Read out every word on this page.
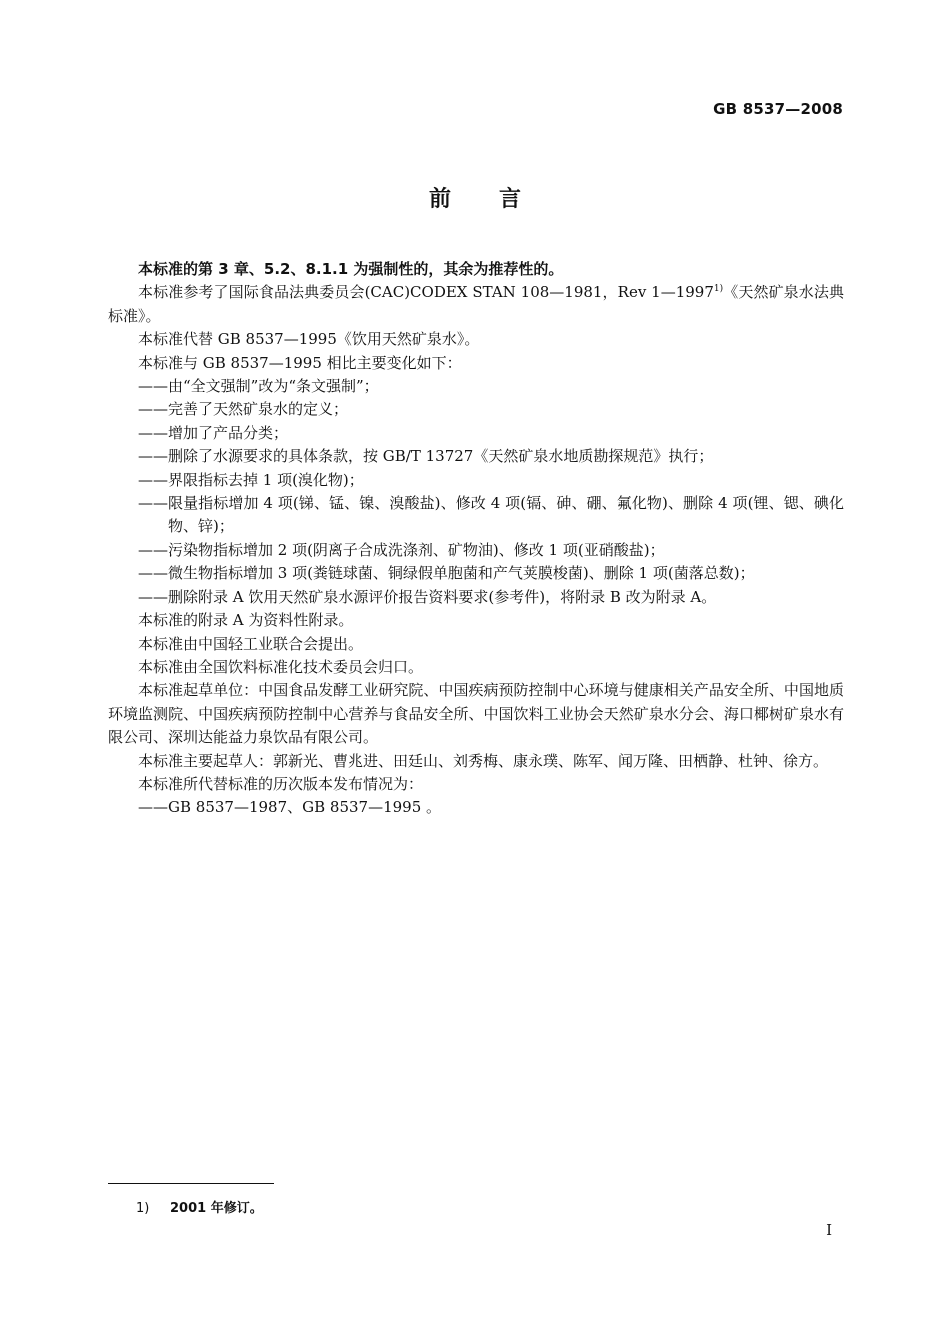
GB 8537—2008
前言

本标准的第 3 章、5.2、8.1.1 为强制性的，其余为推荐性的。

本标准参考了国际食品法典委员会(CAC)CODEX STAN 108—1981，Rev 1—1997$^{1)}$《天然矿泉水法典标准》。

本标准代替 GB 8537—1995《饮用天然矿泉水》。

本标准与 GB 8537—1995 相比主要变化如下：

—— 由“全文强制”改为“条文强制”；
—— 完善了天然矿泉水的定义；
—— 增加了产品分类；
—— 删除了水源要求的具体条款，按 GB/T 13727《天然矿泉水地质勘探规范》执行；
—— 界限指标去掉 1 项(溴化物)；
—— 限量指标增加 4 项(锑、锰、镍、溴酸盐)、修改 4 项(镉、砷、硼、氟化物)、删除 4 项(锂、锶、碘化物、锌)；
—— 污染物指标增加 2 项(阴离子合成洗涤剂、矿物油)、修改 1 项(亚硝酸盐)；
—— 微生物指标增加 3 项(粪链球菌、铜绿假单胞菌和产气荚膜梭菌)、删除 1 项(菌落总数)；
—— 删除附录 A 饮用天然矿泉水源评价报告资料要求(参考件)，将附录 B 改为附录 A。

本标准的附录 A 为资料性附录。

本标准由中国轻工业联合会提出。

本标准由全国饮料标准化技术委员会归口。

本标准起草单位：中国食品发酵工业研究院、中国疾病预防控制中心环境与健康相关产品安全所、中国地质环境监测院、中国疾病预防控制中心营养与食品安全所、中国饮料工业协会天然矿泉水分会、海口椰树矿泉水有限公司、深圳达能益力泉饮品有限公司。

本标准主要起草人：郭新光、曹兆进、田廷山、刘秀梅、康永璞、陈军、闻万隆、田栖静、杜钟、徐方。

本标准所代替标准的历次版本发布情况为：

—— GB 8537—1987、GB 8537—1995 。
1) 2001 年修订。
I
